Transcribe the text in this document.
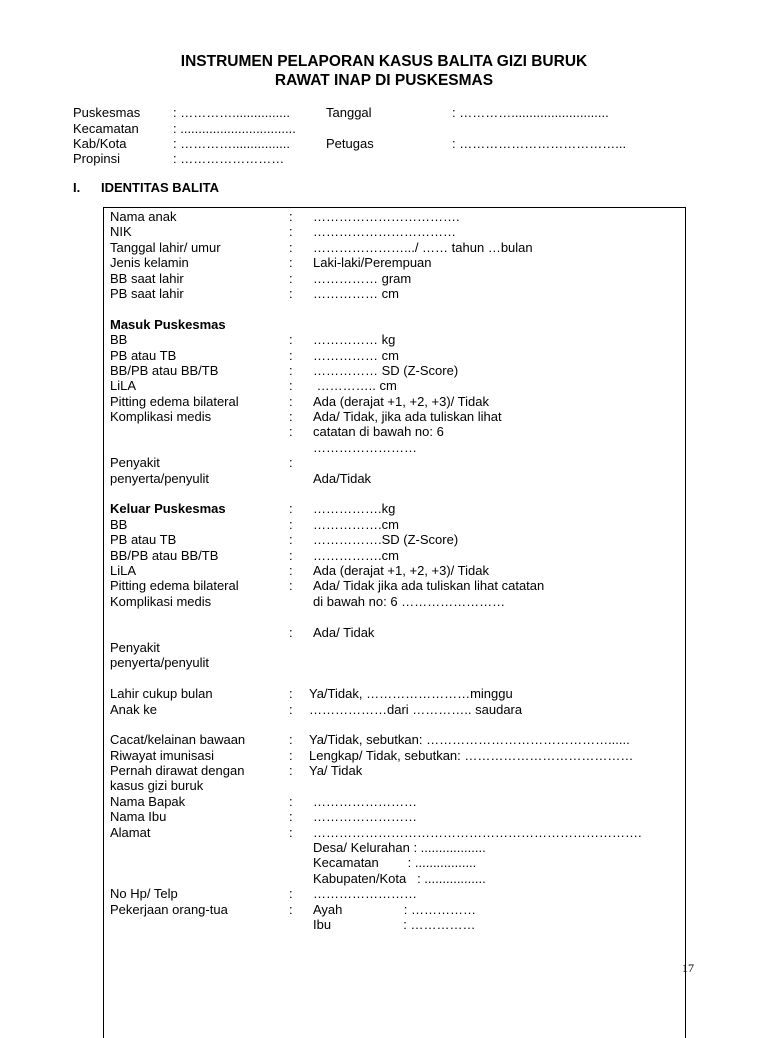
INSTRUMEN PELAPORAN KASUS BALITA GIZI BURUK
RAWAT INAP DI PUSKESMAS
Puskesmas	: …………................
Kecamatan	: ................................
Kab/Kota	: …………................
Propinsi	: ……………………
Tanggal	: …………...........................
Petugas	: ………………………………...
I. IDENTITAS BALITA
Nama anak	: …………………………….
NIK	: ……………………………
Tanggal lahir/ umur	: ………………….../ …… tahun …bulan
Jenis kelamin	: Laki-laki/Perempuan
BB saat lahir	: …………… gram
PB saat lahir	: …………… cm
Masuk Puskesmas
BB	: …………… kg
PB atau TB	: …………… cm
BB/PB atau BB/TB	: …………… SD (Z-Score)
LiLA	: ………….. cm
Pitting edema bilateral	: Ada (derajat +1, +2, +3)/ Tidak
Komplikasi medis	: Ada/ Tidak, jika ada tuliskan lihat
: catatan di bawah no: 6
……………………
Penyakit	:
penyerta/penyulit	Ada/Tidak
Keluar Puskesmas	: …………….kg
BB	: …………….cm
PB atau TB	: …………….SD (Z-Score)
BB/PB atau BB/TB	: …………….cm
LiLA	: Ada (derajat +1, +2, +3)/ Tidak
Pitting edema bilateral	: Ada/ Tidak jika ada tuliskan lihat catatan
Komplikasi medis	di bawah no: 6 ……………………
: Ada/ Tidak
Penyakit
penyerta/penyulit
Lahir cukup bulan	: Ya/Tidak, ……………………minggu
Anak ke	: ………………dari ………….. saudara
Cacat/kelainan bawaan	: Ya/Tidak, sebutkan: ……………………………………......
Riwayat imunisasi	: Lengkap/ Tidak, sebutkan: …………………………………
Pernah dirawat dengan	: Ya/ Tidak
kasus gizi buruk
Nama Bapak	: ……………………
Nama Ibu	: ……………………
Alamat	: ………………………………………………………………….
Desa/ Kelurahan : ..................
Kecamatan        : .................
Kabupaten/Kota   : .................
No Hp/ Telp	: ……………………
Pekerjaan orang-tua	: Ayah                 : ……………
Ibu                    : ……………
17
